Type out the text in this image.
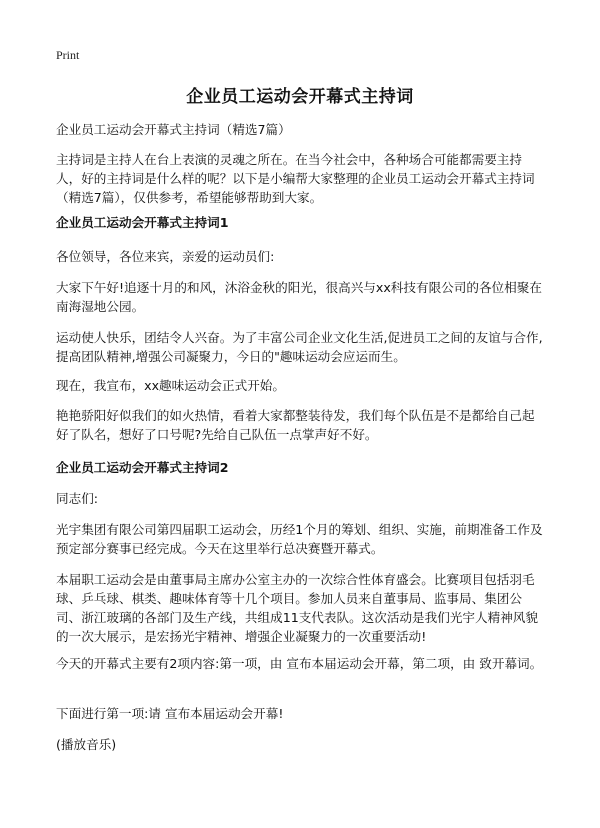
Print
企业员工运动会开幕式主持词

企业员工运动会开幕式主持词（精选7篇）

主持词是主持人在台上表演的灵魂之所在。在当今社会中，各种场合可能都需要主持人，好的主持词是什么样的呢？以下是小编帮大家整理的企业员工运动会开幕式主持词（精选7篇），仅供参考，希望能够帮助到大家。

企业员工运动会开幕式主持词1

各位领导，各位来宾，亲爱的运动员们:

大家下午好!追逐十月的和风，沐浴金秋的阳光，很高兴与xx科技有限公司的各位相聚在南海湿地公园。

运动使人快乐，团结令人兴奋。为了丰富公司企业文化生活,促进员工之间的友谊与合作,提高团队精神,增强公司凝聚力，今日的"趣味运动会应运而生。

现在，我宣布，xx趣味运动会正式开始。

艳艳骄阳好似我们的如火热情，看着大家都整装待发，我们每个队伍是不是都给自己起好了队名，想好了口号呢?先给自己队伍一点掌声好不好。

企业员工运动会开幕式主持词2

同志们:

光宇集团有限公司第四届职工运动会，历经1个月的筹划、组织、实施，前期准备工作及预定部分赛事已经完成。今天在这里举行总决赛暨开幕式。

本届职工运动会是由董事局主席办公室主办的一次综合性体育盛会。比赛项目包括羽毛球、乒乓球、棋类、趣味体育等十几个项目。参加人员来自董事局、监事局、集团公司、浙江玻璃的各部门及生产线，共组成11支代表队。这次活动是我们光宇人精神风貌的一次大展示，是宏扬光宇精神、增强企业凝聚力的一次重要活动!

今天的开幕式主要有2项内容:第一项，由 宣布本届运动会开幕，第二项，由 致开幕词。

下面进行第一项:请 宣布本届运动会开幕!

(播放音乐)
